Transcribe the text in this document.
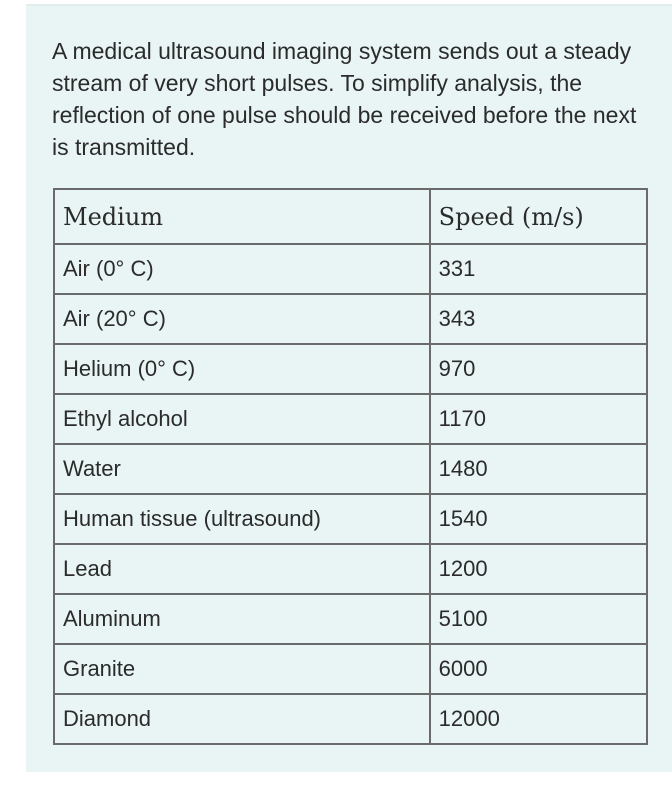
A medical ultrasound imaging system sends out a steady stream of very short pulses. To simplify analysis, the reflection of one pulse should be received before the next is transmitted.

Medium	Speed (m/s)
Air (0° C)	331
Air (20° C)	343
Helium (0° C)	970
Ethyl alcohol	1170
Water	1480
Human tissue (ultrasound)	1540
Lead	1200
Aluminum	5100
Granite	6000
Diamond	12000
